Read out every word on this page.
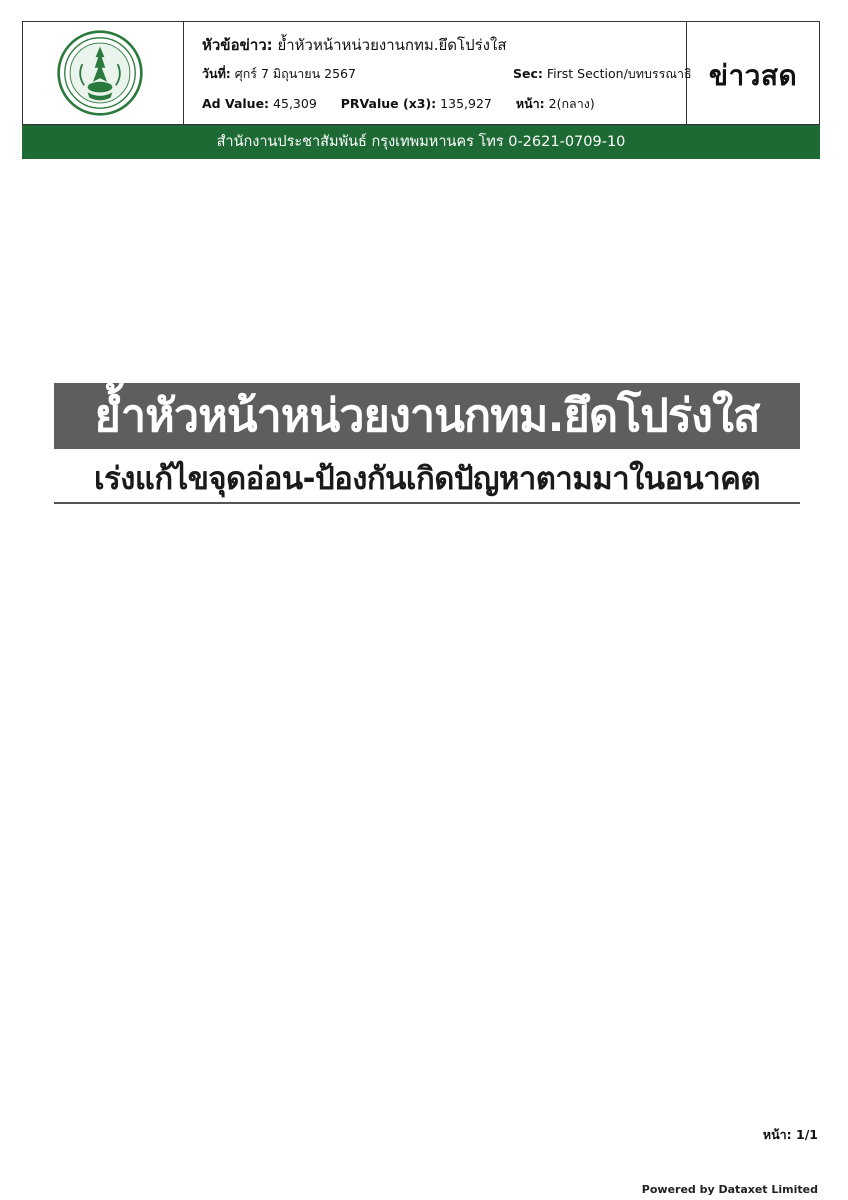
หัวข้อข่าว: ย้ำหัวหน้าหน่วยงานกทม.ยึดโปร่งใส
วันที่: ศุกร์ 7 มิถุนายน 2567	Sec: First Section/บทบรรณาธิ
Ad Value: 45,309 PRValue (x3): 135,927 หน้า: 2(กลาง)
ข่าวสด
สำนักงานประชาสัมพันธ์ กรุงเทพมหานคร โทร 0-2621-0709-10
ย้ำหัวหน้าหน่วยงานกทม.ยึดโปร่งใส
เร่งแก้ไขจุดอ่อน-ป้องกันเกิดปัญหาตามมาในอนาคต

หน้า: 1/1
Powered by Dataxet Limited
